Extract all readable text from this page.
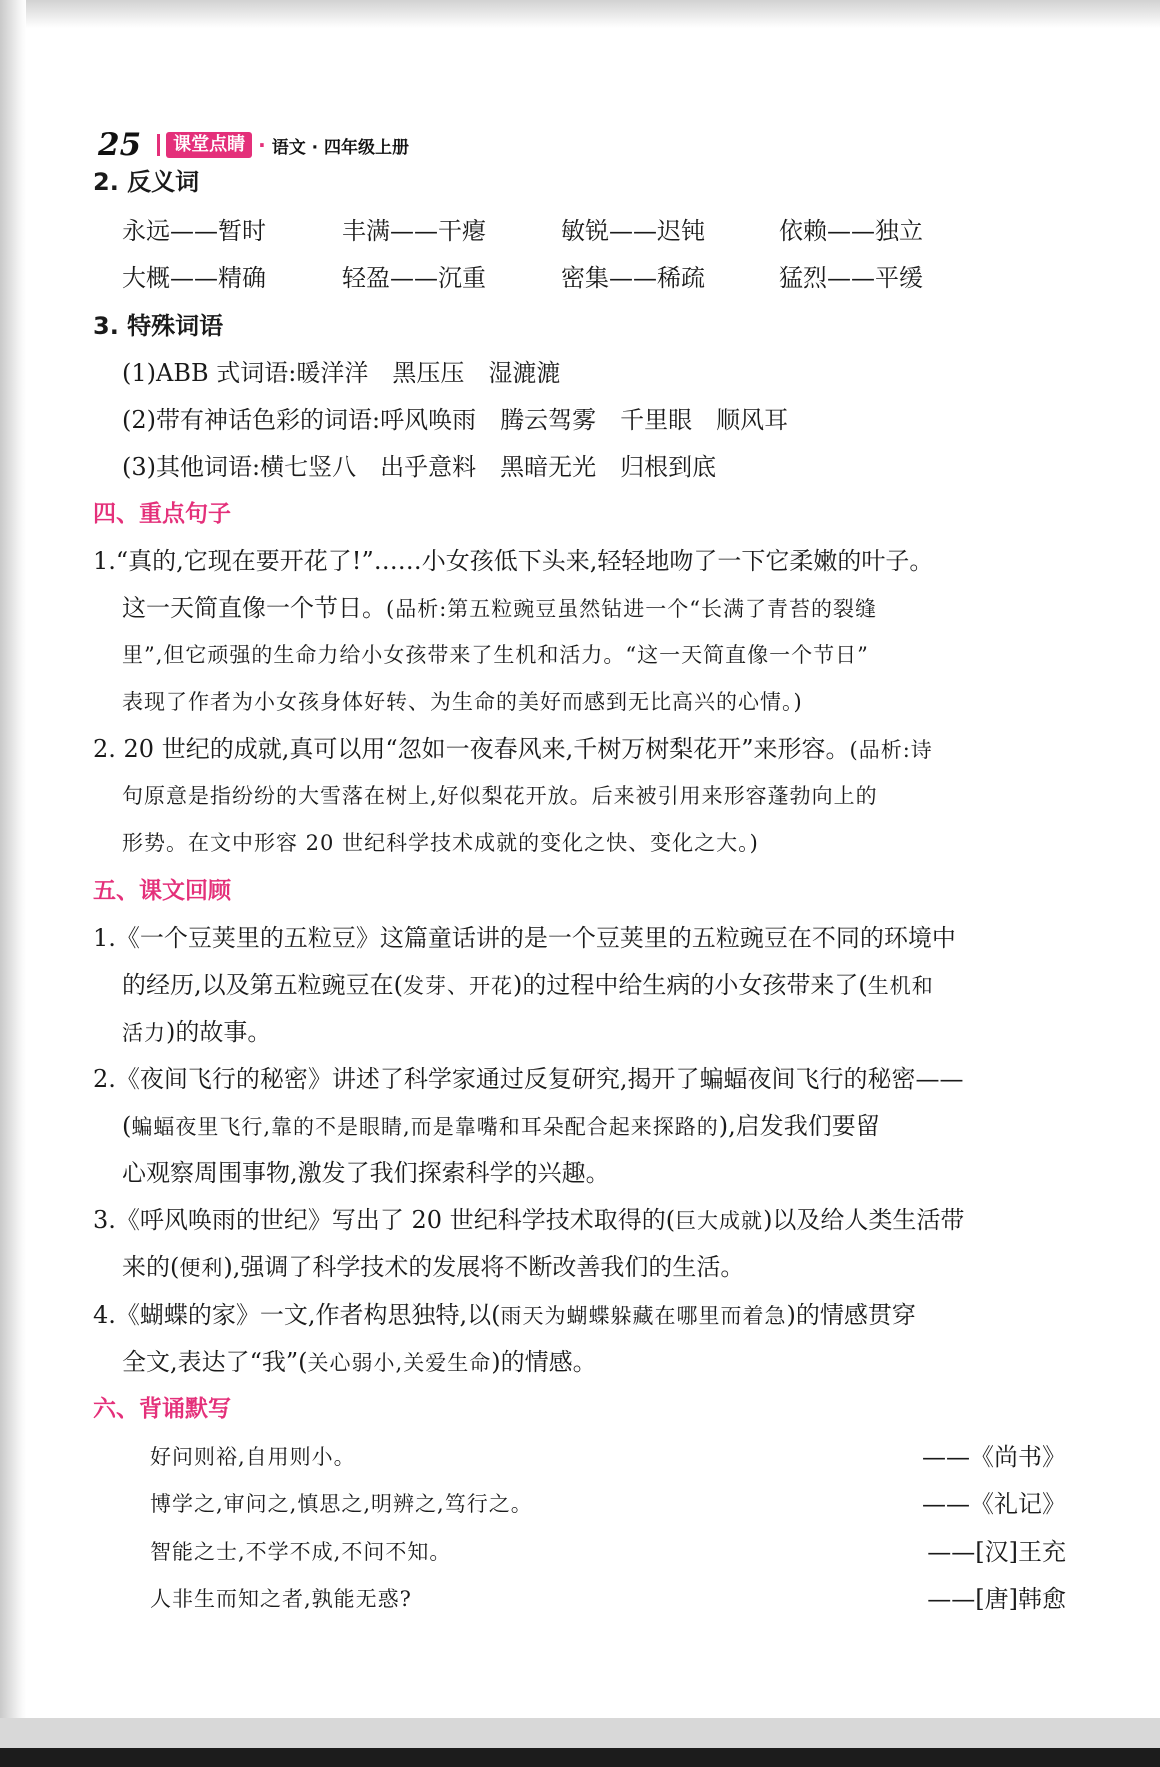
25	课堂点睛 · 语文 · 四年级上册
2. 反义词
永远——暂时	丰满——干瘪	敏锐——迟钝	依赖——独立
大概——精确	轻盈——沉重	密集——稀疏	猛烈——平缓
3. 特殊词语
(1)ABB 式词语:暖洋洋　黑压压　湿漉漉
(2)带有神话色彩的词语:呼风唤雨　腾云驾雾　千里眼　顺风耳
(3)其他词语:横七竖八　出乎意料　黑暗无光　归根到底
四、重点句子
1.“真的,它现在要开花了!”……小女孩低下头来,轻轻地吻了一下它柔嫩的叶子。
这一天简直像一个节日。(品析:第五粒豌豆虽然钻进一个“长满了青苔的裂缝
里”,但它顽强的生命力给小女孩带来了生机和活力。“这一天简直像一个节日”
表现了作者为小女孩身体好转、为生命的美好而感到无比高兴的心情。)
2. 20 世纪的成就,真可以用“忽如一夜春风来,千树万树梨花开”来形容。(品析:诗
句原意是指纷纷的大雪落在树上,好似梨花开放。后来被引用来形容蓬勃向上的
形势。在文中形容 20 世纪科学技术成就的变化之快、变化之大。)
五、课文回顾
1.《一个豆荚里的五粒豆》这篇童话讲的是一个豆荚里的五粒豌豆在不同的环境中
的经历,以及第五粒豌豆在(发芽、开花)的过程中给生病的小女孩带来了(生机和
活力)的故事。
2.《夜间飞行的秘密》讲述了科学家通过反复研究,揭开了蝙蝠夜间飞行的秘密——
(蝙蝠夜里飞行,靠的不是眼睛,而是靠嘴和耳朵配合起来探路的),启发我们要留
心观察周围事物,激发了我们探索科学的兴趣。
3.《呼风唤雨的世纪》写出了 20 世纪科学技术取得的(巨大成就)以及给人类生活带
来的(便利),强调了科学技术的发展将不断改善我们的生活。
4.《蝴蝶的家》一文,作者构思独特,以(雨天为蝴蝶躲藏在哪里而着急)的情感贯穿
全文,表达了“我”(关心弱小,关爱生命)的情感。
六、背诵默写
好问则裕,自用则小。	——《尚书》
博学之,审问之,慎思之,明辨之,笃行之。	——《礼记》
智能之士,不学不成,不问不知。	——[汉]王充
人非生而知之者,孰能无惑?	——[唐]韩愈
